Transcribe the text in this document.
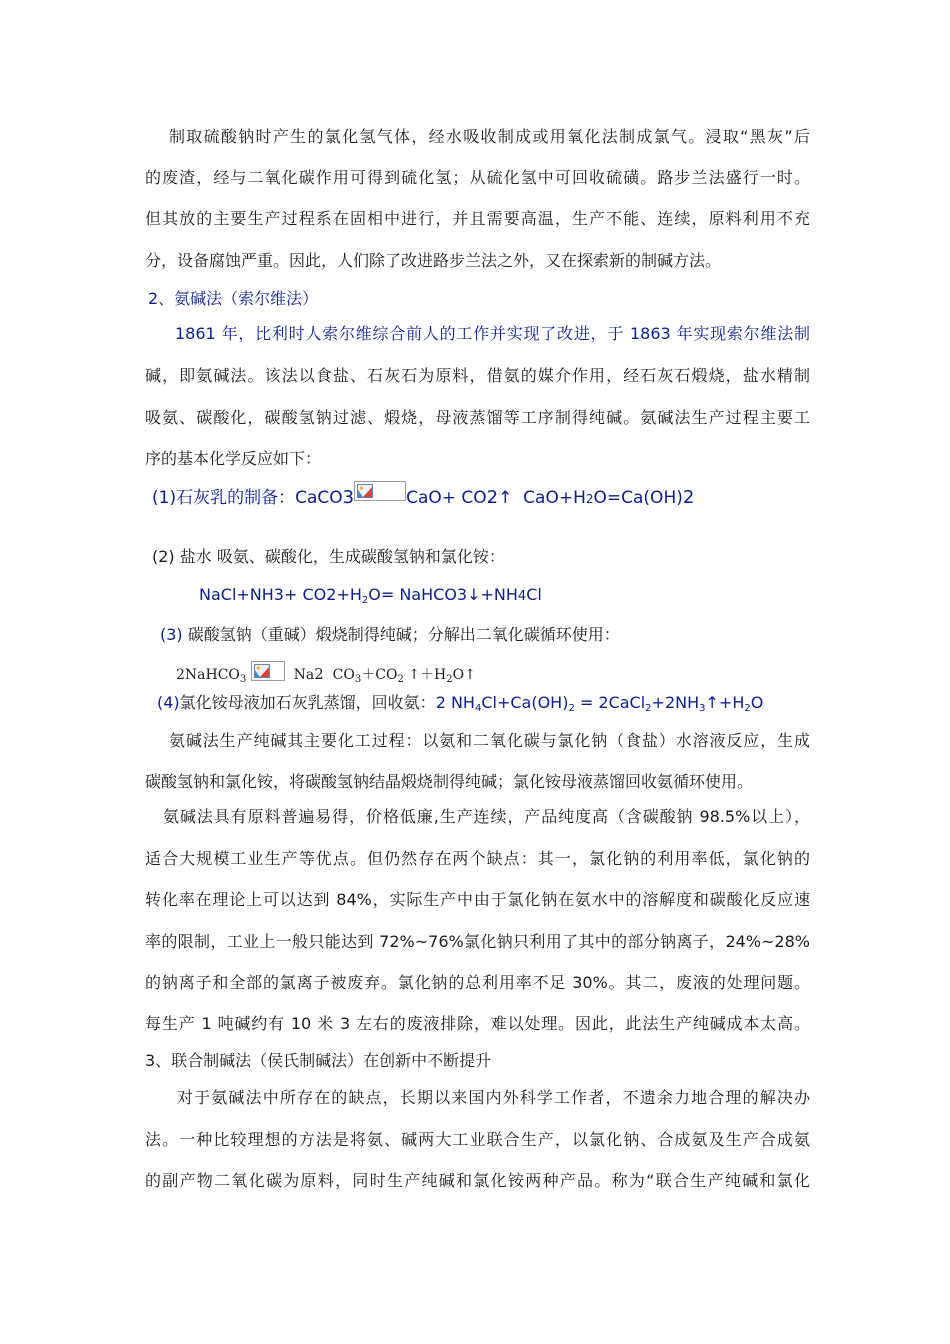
制取硫酸钠时产生的氯化氢气体，经水吸收制成或用氧化法制成氯气。浸取“黑灰”后

的废渣，经与二氧化碳作用可得到硫化氢；从硫化氢中可回收硫磺。路步兰法盛行一时。

但其放的主要生产过程系在固相中进行，并且需要高温，生产不能、连续，原料利用不充

分，设备腐蚀严重。因此，人们除了改进路步兰法之外，又在探索新的制碱方法。

2、氨碱法（索尔维法）

1861 年，比利时人索尔维综合前人的工作并实现了改进，于 1863 年实现索尔维法制

碱，即氨碱法。该法以食盐、石灰石为原料，借氨的媒介作用，经石灰石煅烧，盐水精制

吸氨、碳酸化，碳酸氢钠过滤、煅烧，母液蒸馏等工序制得纯碱。氨碱法生产过程主要工

序的基本化学反应如下：

(1)石灰乳的制备：CaCO3	CaO+ CO2↑  CaO+H2O=Ca(OH)2

(2) 盐水 吸氨、碳酸化，生成碳酸氢钠和氯化铵：

NaCl+NH3+ $CO2+H_2O=$ NaHCO3↓+NH4Cl

(3) 碳酸氢钠（重碱）煅烧制得纯碱；分解出二氧化碳循环使用：

2NaHCO$_3$	Na2  $CO_3+CO_2$ $↑+H_2O↑$
(4)氯化铵母液加石灰乳蒸馏，回收氨：2 $NH_4Cl+Ca(OH)_2$ = $2CaCl_2+2NH_3↑+H_2O$

氨碱法生产纯碱其主要化工过程：以氨和二氧化碳与氯化钠（食盐）水溶液反应，生成

碳酸氢钠和氯化铵，将碳酸氢钠结晶煅烧制得纯碱；氯化铵母液蒸馏回收氨循环使用。

氨碱法具有原料普遍易得，价格低廉,生产连续，产品纯度高（含碳酸钠 98.5%以上），

适合大规模工业生产等优点。但仍然存在两个缺点：其一，氯化钠的利用率低，氯化钠的

转化率在理论上可以达到 84%，实际生产中由于氯化钠在氨水中的溶解度和碳酸化反应速

率的限制，工业上一般只能达到 72%~76%氯化钠只利用了其中的部分钠离子，24%~28%

的钠离子和全部的氯离子被废弃。氯化钠的总利用率不足 30%。其二，废液的处理问题。

每生产 1 吨碱约有 10 米 3 左右的废液排除，难以处理。因此，此法生产纯碱成本太高。

3、联合制碱法（侯氏制碱法）在创新中不断提升

对于氨碱法中所存在的缺点，长期以来国内外科学工作者，不遗余力地合理的解决办

法。一种比较理想的方法是将氨、碱两大工业联合生产，以氯化钠、合成氨及生产合成氨

的副产物二氧化碳为原料，同时生产纯碱和氯化铵两种产品。称为“联合生产纯碱和氯化
